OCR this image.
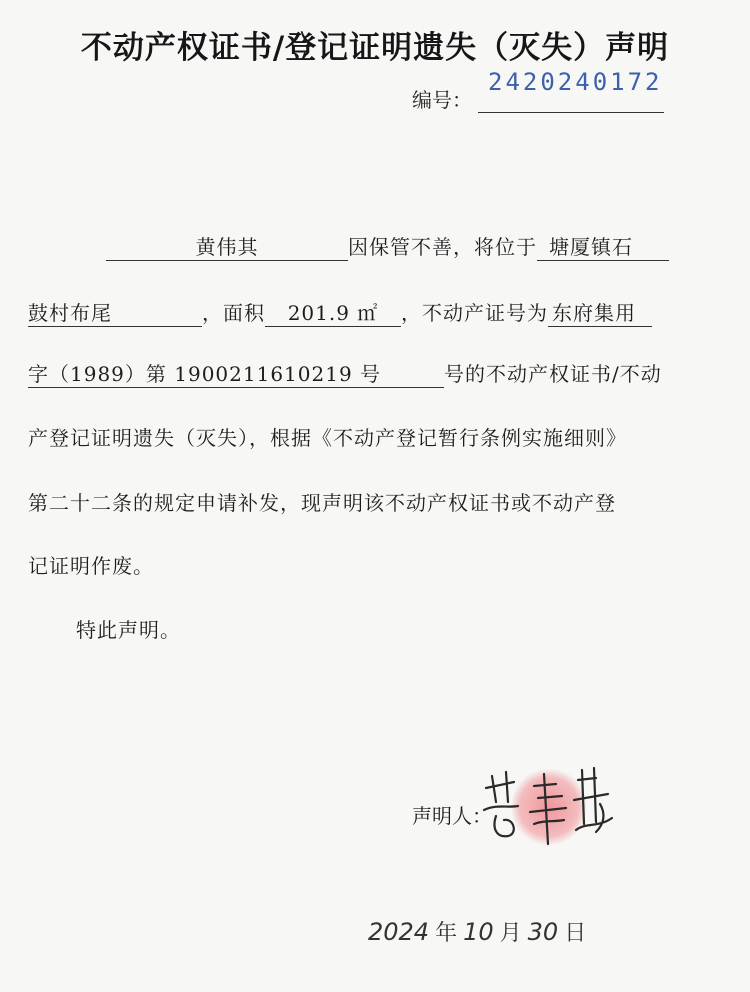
不动产权证书/登记证明遗失（灭失）声明
编号：
2420240172
黄伟其	因保管不善，将位于 塘厦镇石
鼓村布尾	，面积 201.9 ㎡ ，不动产证号为 东府集用
字（1989）第 1900211610219 号	号的不动产权证书/不动
产登记证明遗失（灭失），根据《不动产登记暂行条例实施细则》
第二十二条的规定申请补发，现声明该不动产权证书或不动产登
记证明作废。
特此声明。
声明人：
2024 年 10 月 30 日
